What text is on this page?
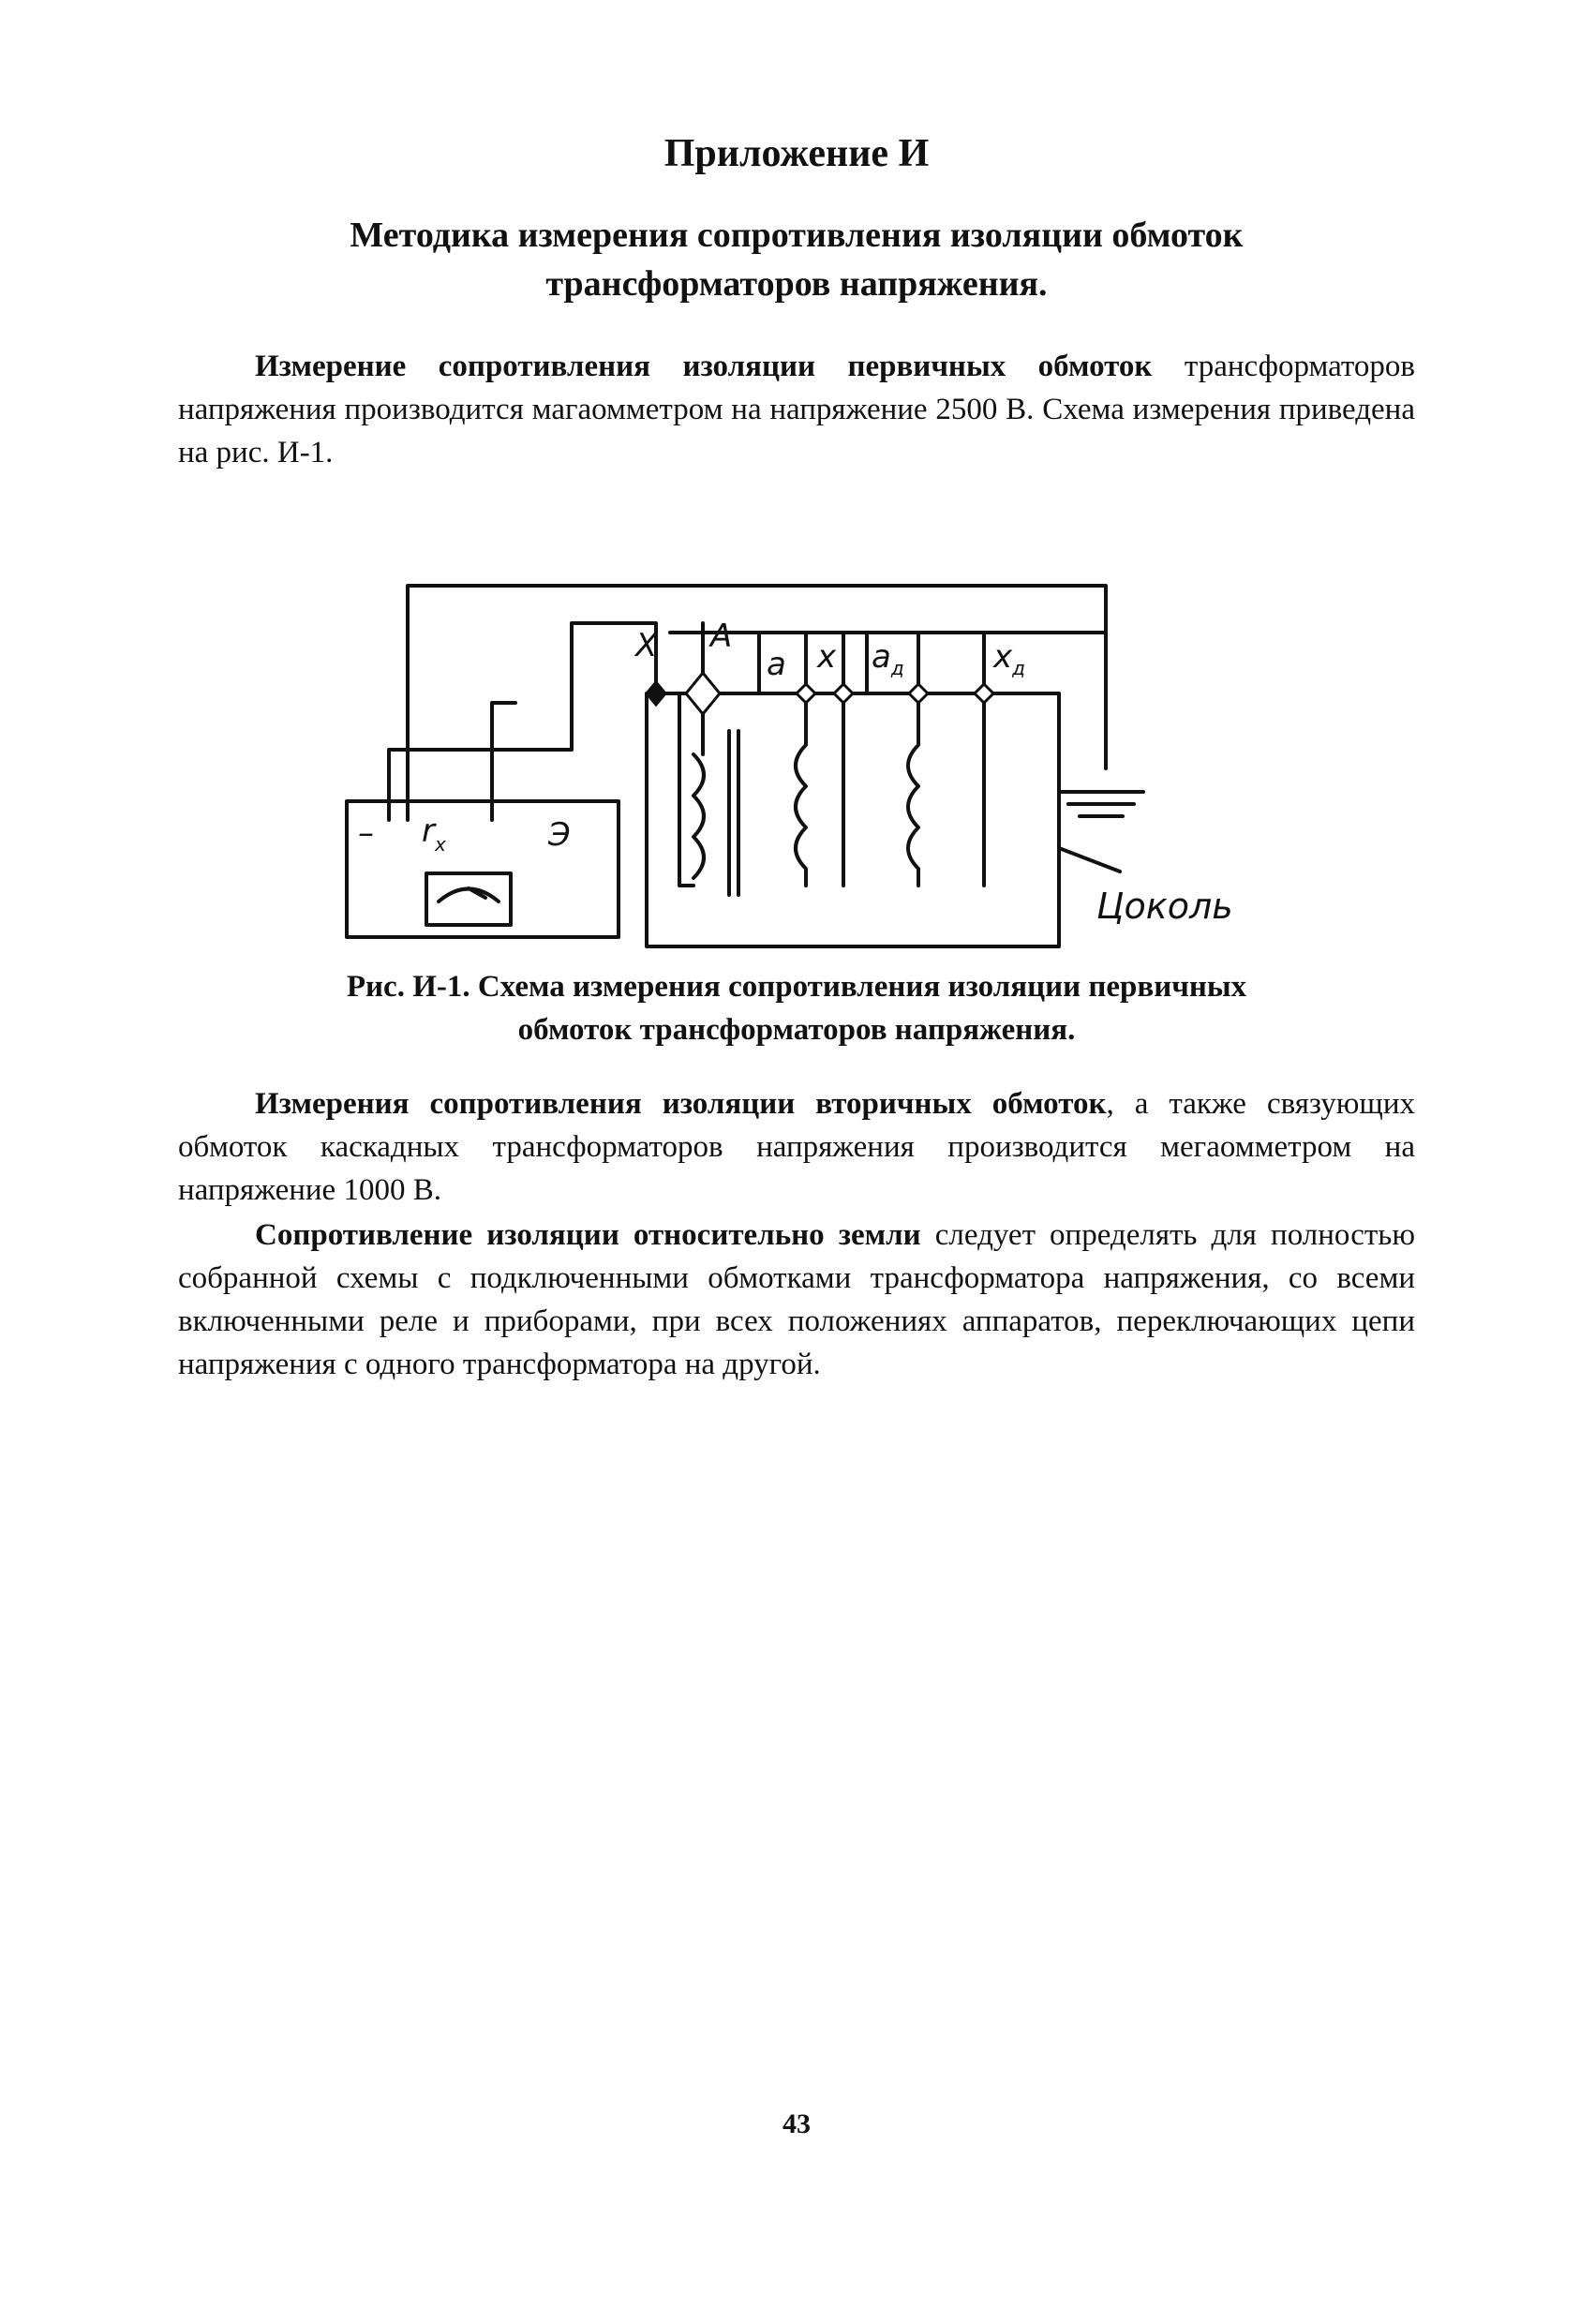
Приложение И
Методика измерения сопротивления изоляции обмоток
трансформаторов напряжения.

Измерение сопротивления изоляции первичных обмоток трансформаторов напряжения производится магаомметром на напряжение 2500 В. Схема измерения приведена на рис. И-1.

X A
a x $a_д$	$x_д$
– $r_x$	Э
Цоколь

Рис. И-1. Схема измерения сопротивления изоляции первичных
обмоток трансформаторов напряжения.

Измерения сопротивления изоляции вторичных обмоток, а также связующих обмоток каскадных трансформаторов напряжения производится мегаомметром на напряжение 1000 В.

Сопротивление изоляции относительно земли следует определять для полностью собранной схемы с подключенными обмотками трансформатора напряжения, со всеми включенными реле и приборами, при всех положениях аппаратов, переключающих цепи напряжения с одного трансформатора на другой.

43
